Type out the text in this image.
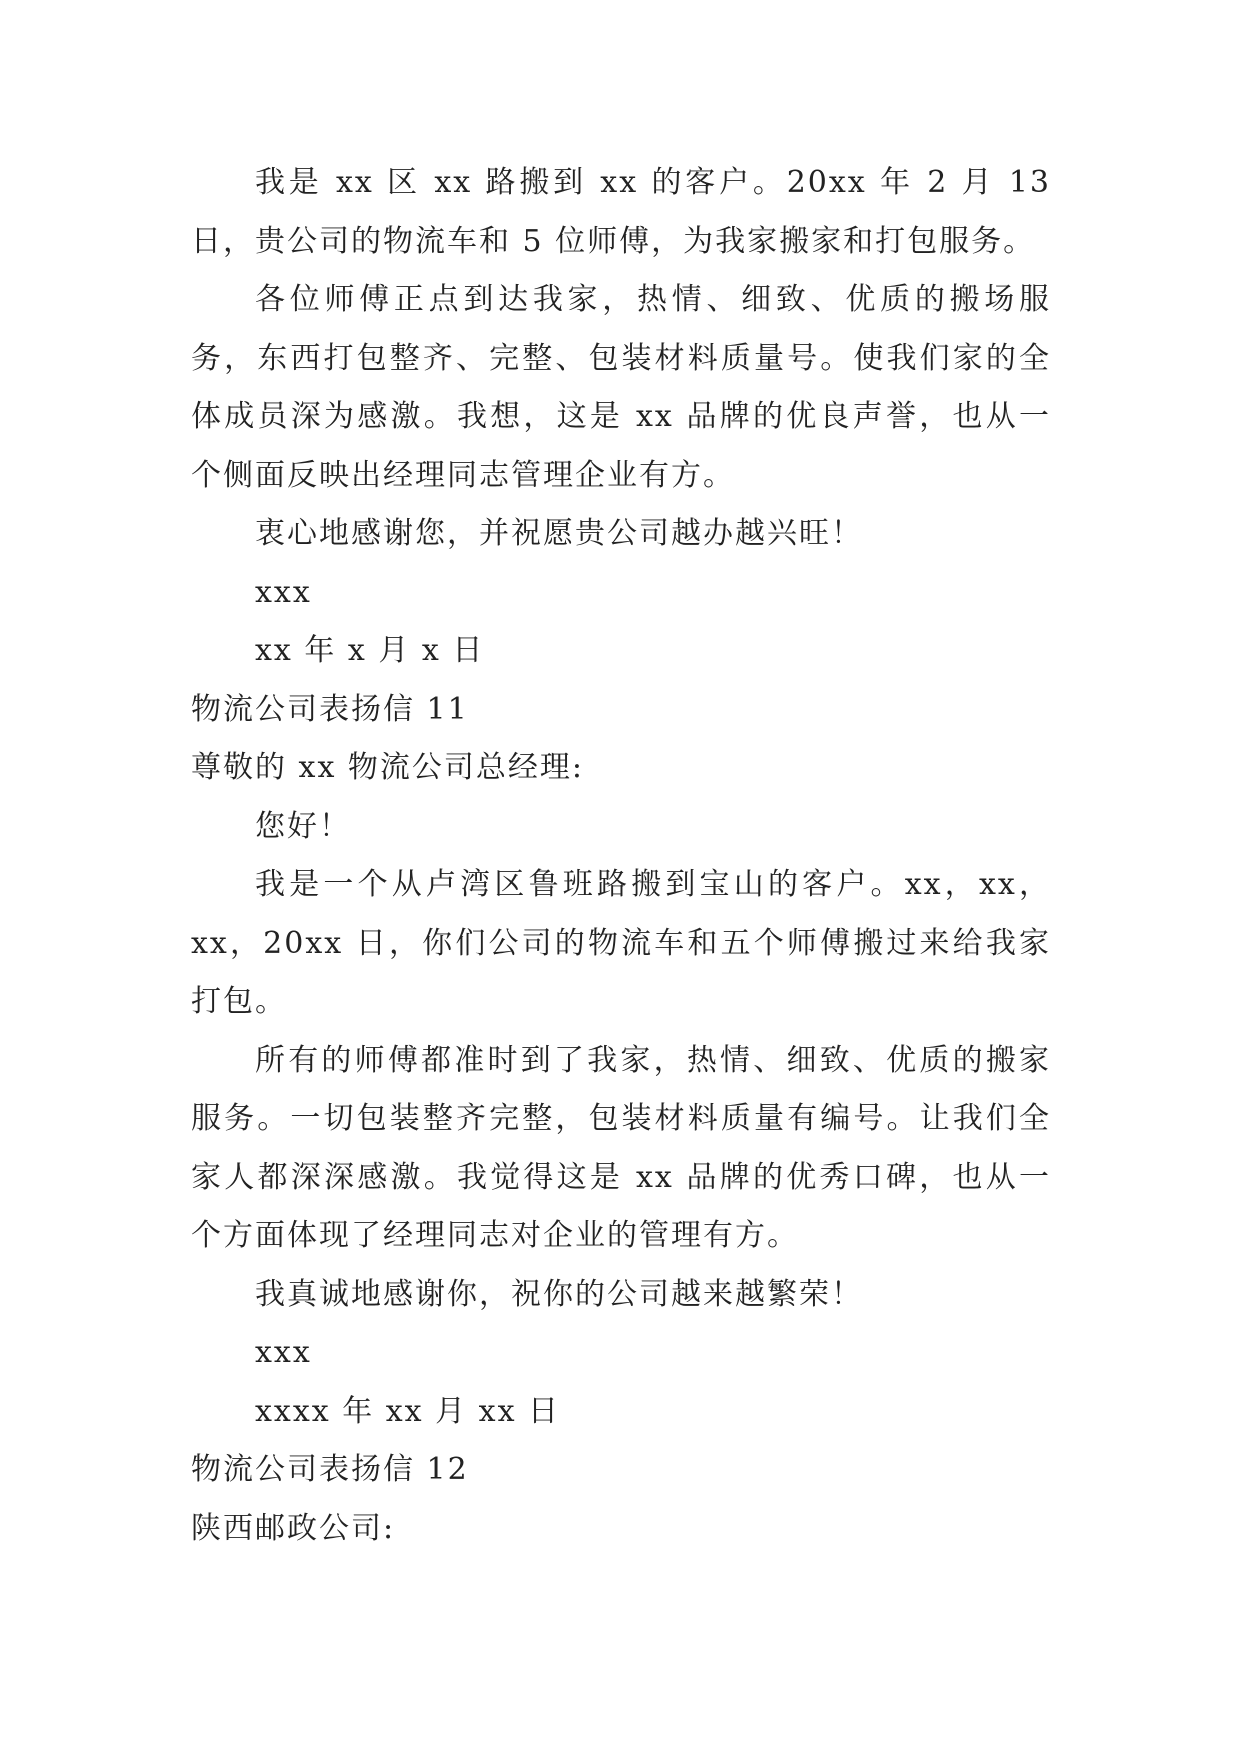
我是 xx 区 xx 路搬到 xx 的客户。20xx 年 2 月 13 日，贵公司的物流车和 5 位师傅，为我家搬家和打包服务。

各位师傅正点到达我家，热情、细致、优质的搬场服务，东西打包整齐、完整、包装材料质量号。使我们家的全体成员深为感激。我想，这是 xx 品牌的优良声誉，也从一个侧面反映出经理同志管理企业有方。

衷心地感谢您，并祝愿贵公司越办越兴旺！

xxx

xx 年 x 月 x 日

物流公司表扬信 11

尊敬的 xx 物流公司总经理:

您好！

我是一个从卢湾区鲁班路搬到宝山的客户。xx，xx，xx，20xx 日，你们公司的物流车和五个师傅搬过来给我家打包。

所有的师傅都准时到了我家，热情、细致、优质的搬家服务。一切包装整齐完整，包装材料质量有编号。让我们全家人都深深感激。我觉得这是 xx 品牌的优秀口碑，也从一个方面体现了经理同志对企业的管理有方。

我真诚地感谢你，祝你的公司越来越繁荣！

xxx

xxxx 年 xx 月 xx 日

物流公司表扬信 12

陕西邮政公司:
